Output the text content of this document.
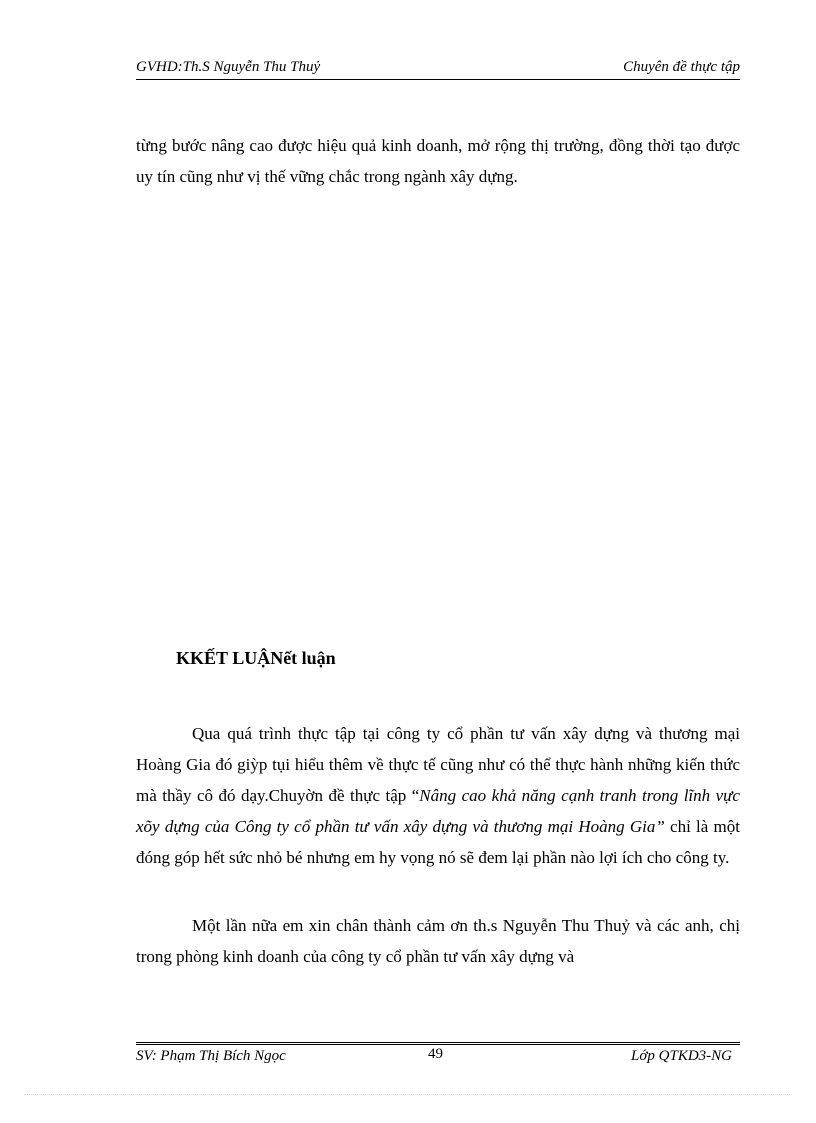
GVHD:Th.S Nguyễn Thu Thuỷ	Chuyên đề thực tập
từng bước nâng cao được hiệu quả kinh doanh, mở rộng thị trường, đồng thời tạo được uy tín cũng như vị thế vững chắc trong ngành xây dựng.
KKẾT LUẬNết luận
Qua quá trình thực tập tại công ty cổ phần tư vấn xây dựng và thương mại Hoàng Gia đó giỳp tụi hiểu thêm về thực tế cũng như có thể thực hành những kiến thức mà thầy cô đó dạy.Chuyờn đề thực tập “Nâng cao khả năng cạnh tranh trong lĩnh vực xõy dựng của Công ty cổ phần tư vấn xây dựng và thương mại Hoàng Gia” chỉ là một đóng góp hết sức nhỏ bé nhưng em hy vọng nó sẽ đem lại phần nào lợi ích cho công ty.
Một lần nữa em xin chân thành cảm ơn th.s Nguyễn Thu Thuỷ và các anh, chị trong phòng kinh doanh của công ty cổ phần tư vấn xây dựng và
SV: Phạm Thị Bích Ngọc	49	Lớp QTKD3-NG
